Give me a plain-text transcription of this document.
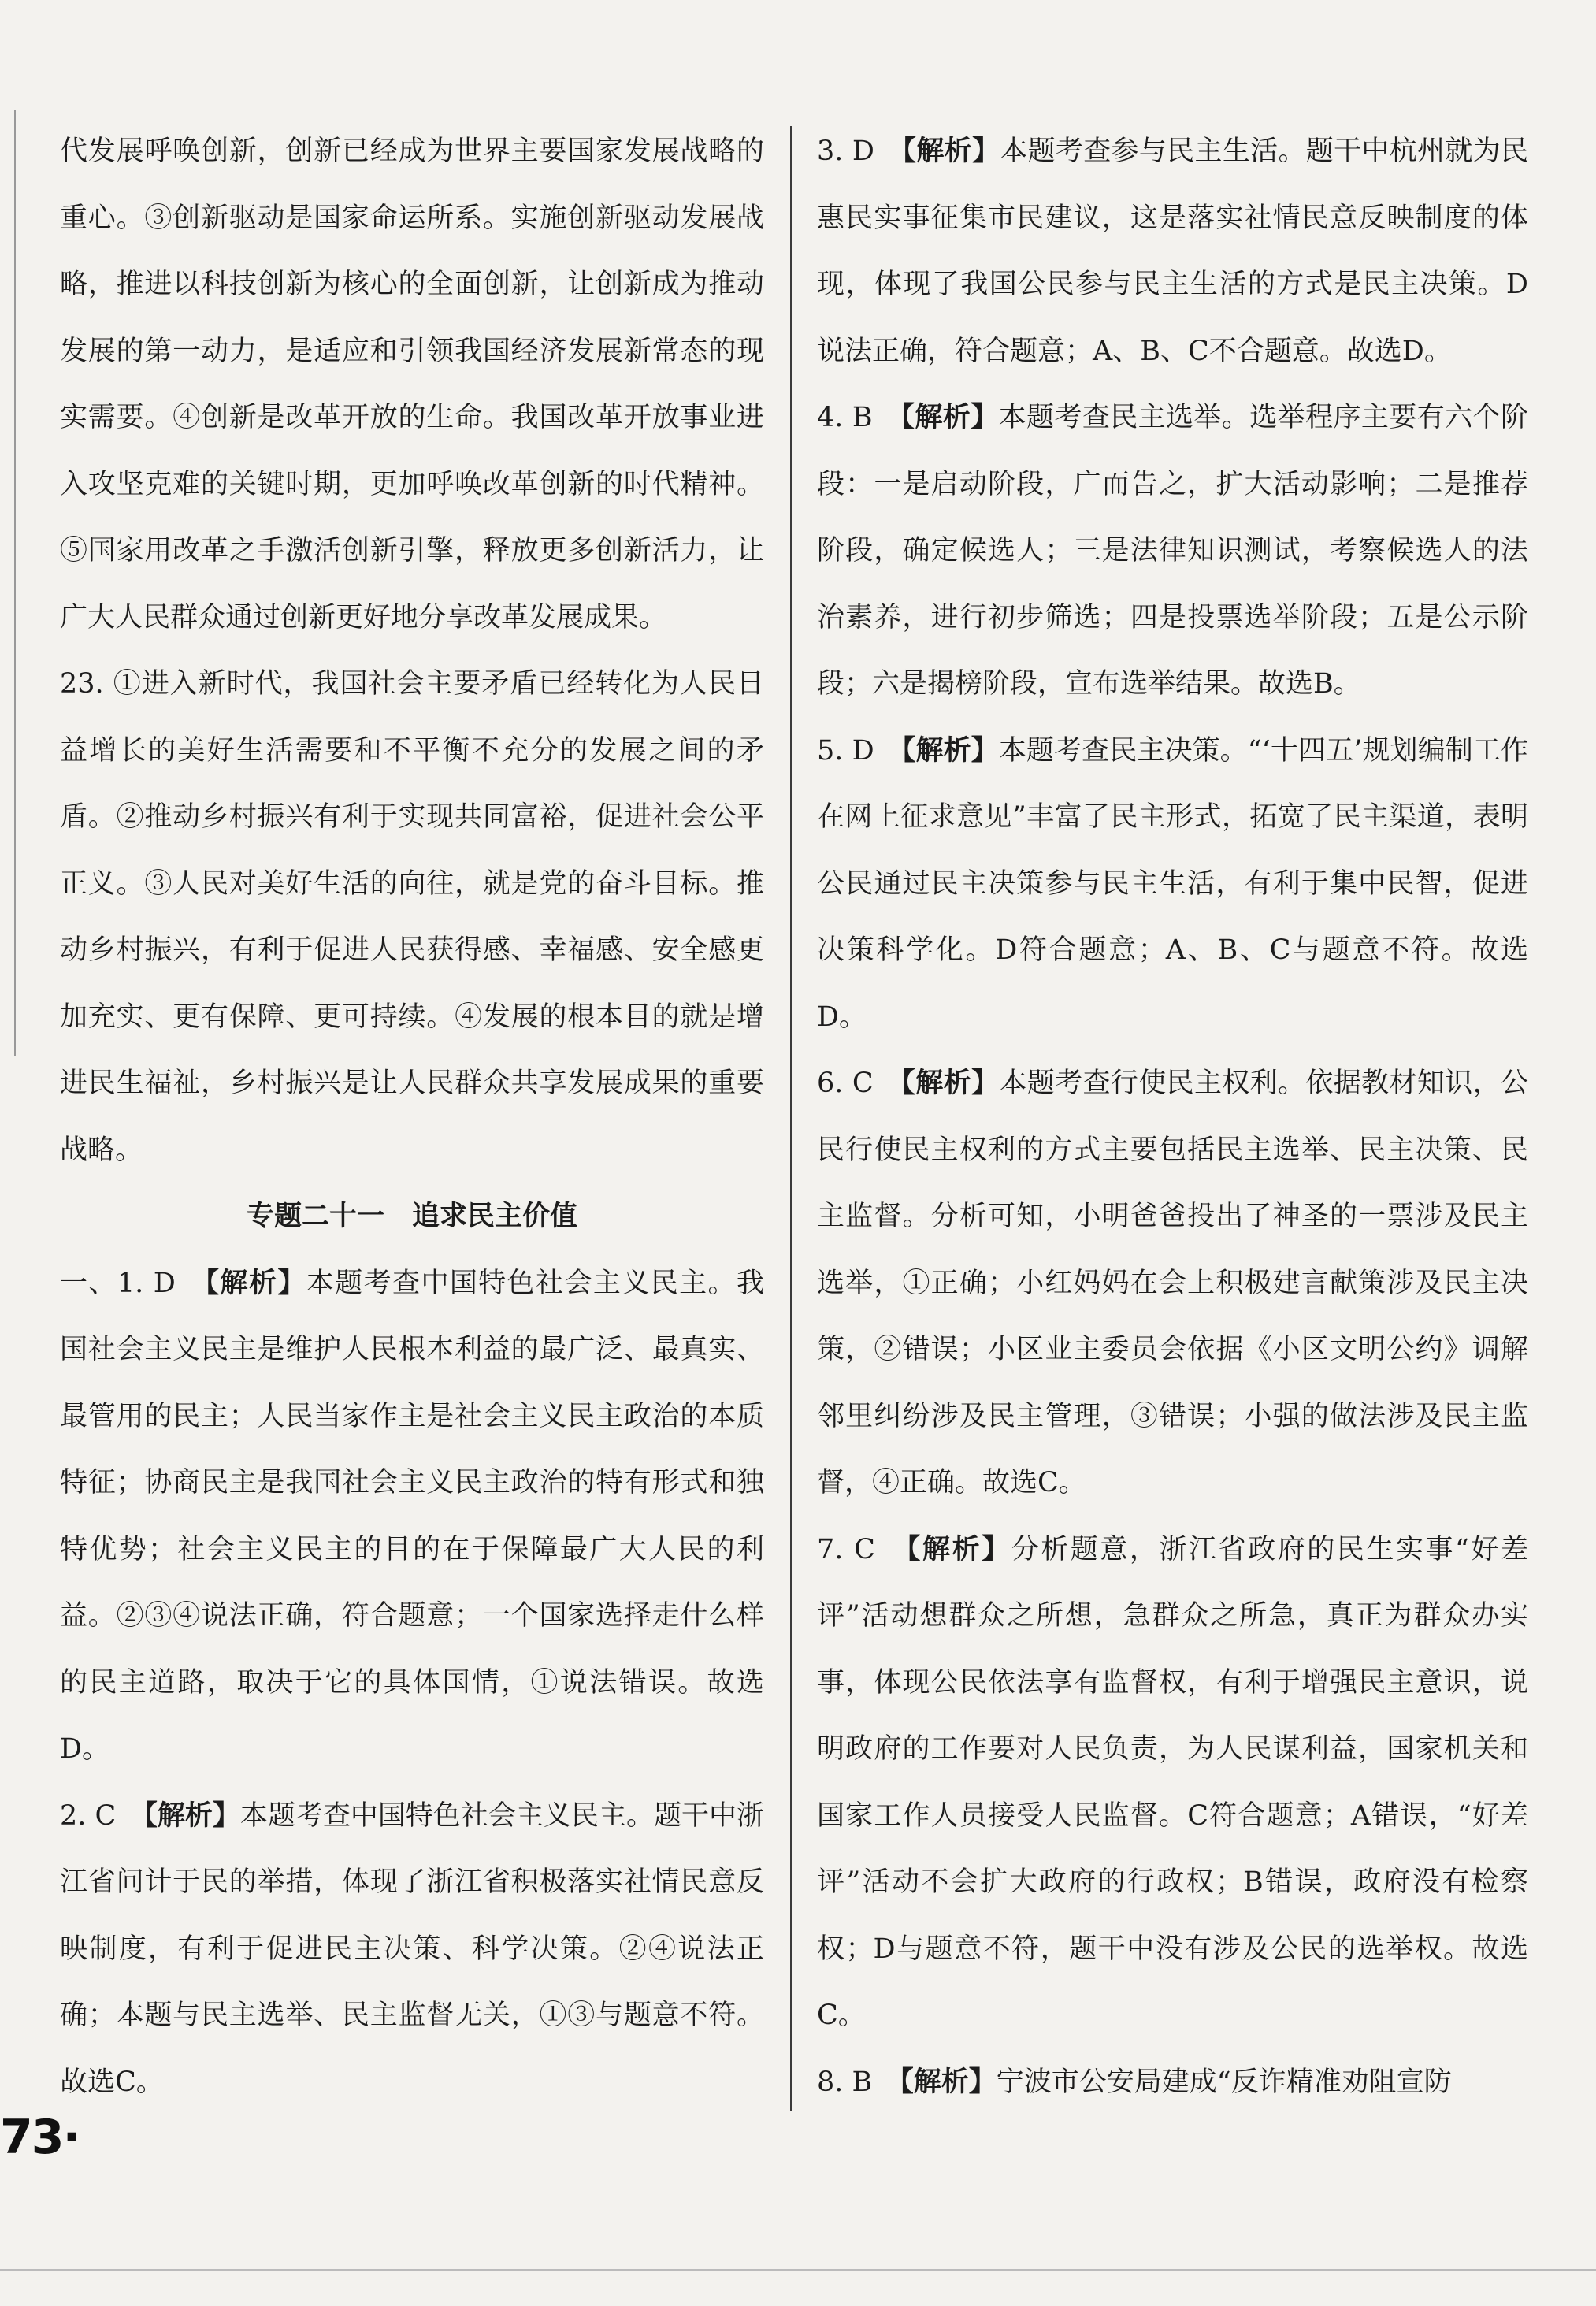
代发展呼唤创新，创新已经成为世界主要国家发展战略的重心。③创新驱动是国家命运所系。实施创新驱动发展战略，推进以科技创新为核心的全面创新，让创新成为推动发展的第一动力，是适应和引领我国经济发展新常态的现实需要。④创新是改革开放的生命。我国改革开放事业进入攻坚克难的关键时期，更加呼唤改革创新的时代精神。⑤国家用改革之手激活创新引擎，释放更多创新活力，让广大人民群众通过创新更好地分享改革发展成果。

23. ①进入新时代，我国社会主要矛盾已经转化为人民日益增长的美好生活需要和不平衡不充分的发展之间的矛盾。②推动乡村振兴有利于实现共同富裕，促进社会公平正义。③人民对美好生活的向往，就是党的奋斗目标。推动乡村振兴，有利于促进人民获得感、幸福感、安全感更加充实、更有保障、更可持续。④发展的根本目的就是增进民生福祉，乡村振兴是让人民群众共享发展成果的重要战略。

专题二十一　追求民主价值

一、1. D　【解析】本题考查中国特色社会主义民主。我国社会主义民主是维护人民根本利益的最广泛、最真实、最管用的民主；人民当家作主是社会主义民主政治的本质特征；协商民主是我国社会主义民主政治的特有形式和独特优势；社会主义民主的目的在于保障最广大人民的利益。②③④说法正确，符合题意；一个国家选择走什么样的民主道路，取决于它的具体国情，①说法错误。故选D。

2. C　【解析】本题考查中国特色社会主义民主。题干中浙江省问计于民的举措，体现了浙江省积极落实社情民意反映制度，有利于促进民主决策、科学决策。②④说法正确；本题与民主选举、民主监督无关，①③与题意不符。故选C。

3. D　【解析】本题考查参与民主生活。题干中杭州就为民惠民实事征集市民建议，这是落实社情民意反映制度的体现，体现了我国公民参与民主生活的方式是民主决策。D说法正确，符合题意；A、B、C不合题意。故选D。

4. B　【解析】本题考查民主选举。选举程序主要有六个阶段：一是启动阶段，广而告之，扩大活动影响；二是推荐阶段，确定候选人；三是法律知识测试，考察候选人的法治素养，进行初步筛选；四是投票选举阶段；五是公示阶段；六是揭榜阶段，宣布选举结果。故选B。

5. D　【解析】本题考查民主决策。“‘十四五’规划编制工作在网上征求意见”丰富了民主形式，拓宽了民主渠道，表明公民通过民主决策参与民主生活，有利于集中民智，促进决策科学化。D符合题意；A、B、C与题意不符。故选D。

6. C　【解析】本题考查行使民主权利。依据教材知识，公民行使民主权利的方式主要包括民主选举、民主决策、民主监督。分析可知，小明爸爸投出了神圣的一票涉及民主选举，①正确；小红妈妈在会上积极建言献策涉及民主决策，②错误；小区业主委员会依据《小区文明公约》调解邻里纠纷涉及民主管理，③错误；小强的做法涉及民主监督，④正确。故选C。

7. C　【解析】分析题意，浙江省政府的民生实事“好差评”活动想群众之所想，急群众之所急，真正为群众办实事，体现公民依法享有监督权，有利于增强民主意识，说明政府的工作要对人民负责，为人民谋利益，国家机关和国家工作人员接受人民监督。C符合题意；A错误，“好差评”活动不会扩大政府的行政权；B错误，政府没有检察权；D与题意不符，题干中没有涉及公民的选举权。故选C。

8. B　【解析】宁波市公安局建成“反诈精准劝阻宣防

73·
